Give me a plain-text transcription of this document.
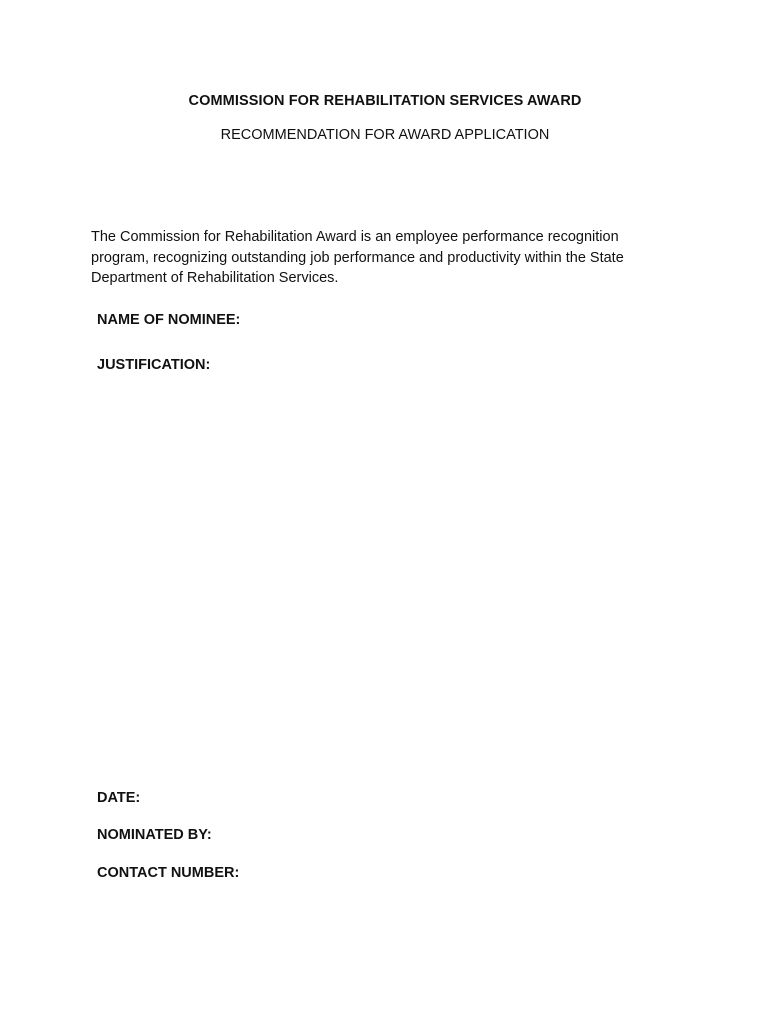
COMMISSION FOR REHABILITATION SERVICES AWARD
RECOMMENDATION FOR AWARD APPLICATION

The Commission for Rehabilitation Award is an employee performance recognition
program, recognizing outstanding job performance and productivity within the State
Department of Rehabilitation Services.

NAME OF NOMINEE:

JUSTIFICATION:

DATE:

NOMINATED BY:

CONTACT NUMBER:
